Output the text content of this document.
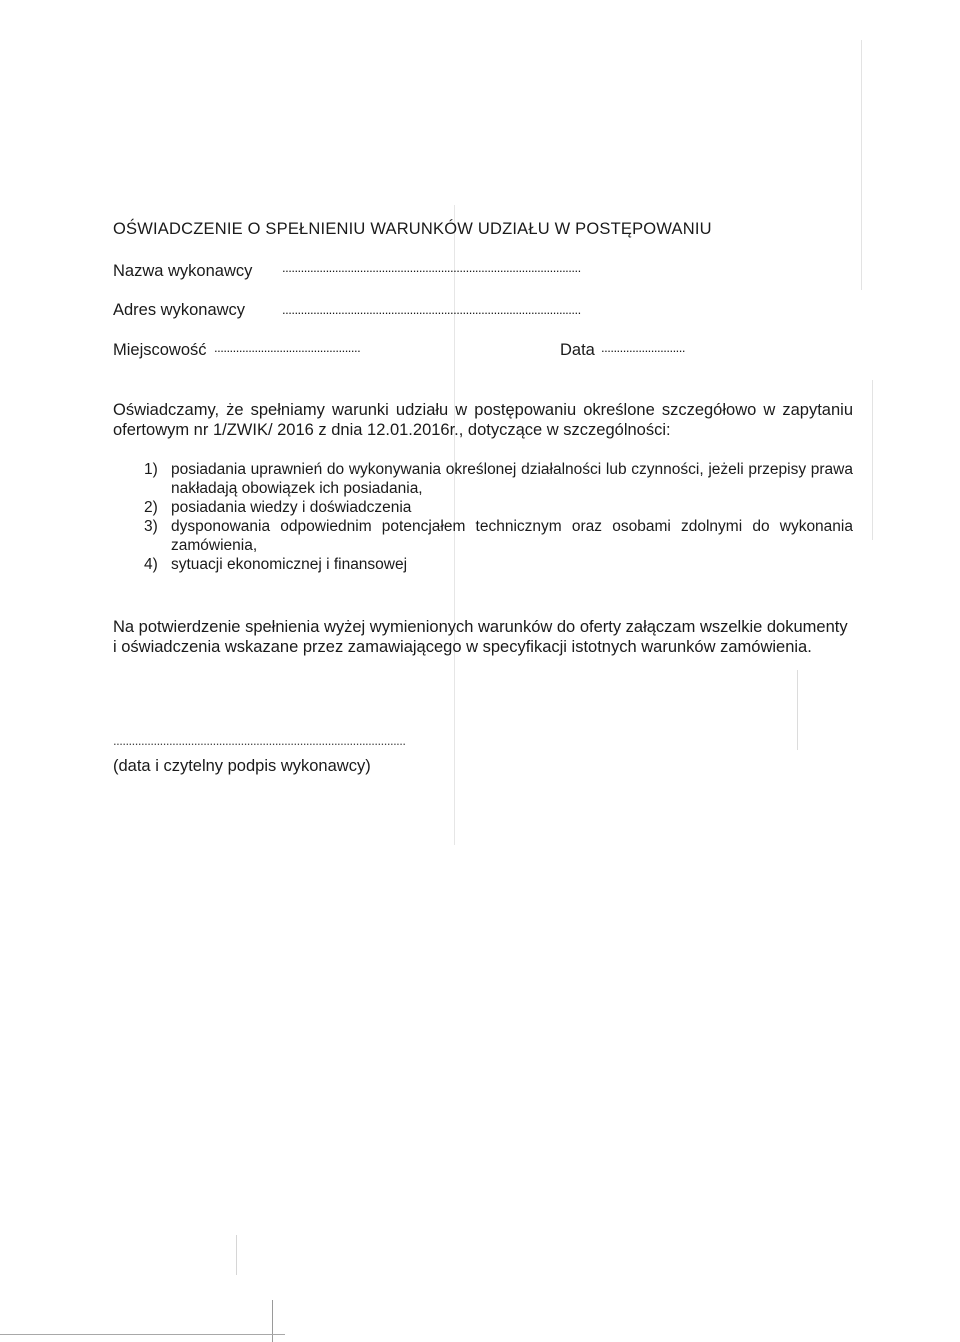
OŚWIADCZENIE O SPEŁNIENIU WARUNKÓW UDZIAŁU W POSTĘPOWANIU
Nazwa wykonawcy ................................................................................................
Adres wykonawcy	................................................................................................
Miejscowość ...............................................	Data ...........................
Oświadczamy, że spełniamy warunki udziału w postępowaniu określone szczegółowo w zapytaniu ofertowym nr 1/ZWIK/ 2016 z dnia 12.01.2016r., dotyczące w szczególności:
1) posiadania uprawnień do wykonywania określonej działalności lub czynności, jeżeli przepisy prawa nakładają obowiązek ich posiadania,
2) posiadania wiedzy i doświadczenia
3) dysponowania odpowiednim potencjałem technicznym oraz osobami zdolnymi do wykonania zamówienia,
4) sytuacji ekonomicznej i finansowej
Na potwierdzenie spełnienia wyżej wymienionych warunków do oferty załączam wszelkie dokumenty i oświadczenia wskazane przez zamawiającego w specyfikacji istotnych warunków zamówienia.
..............................................................................................
(data i czytelny podpis wykonawcy)
